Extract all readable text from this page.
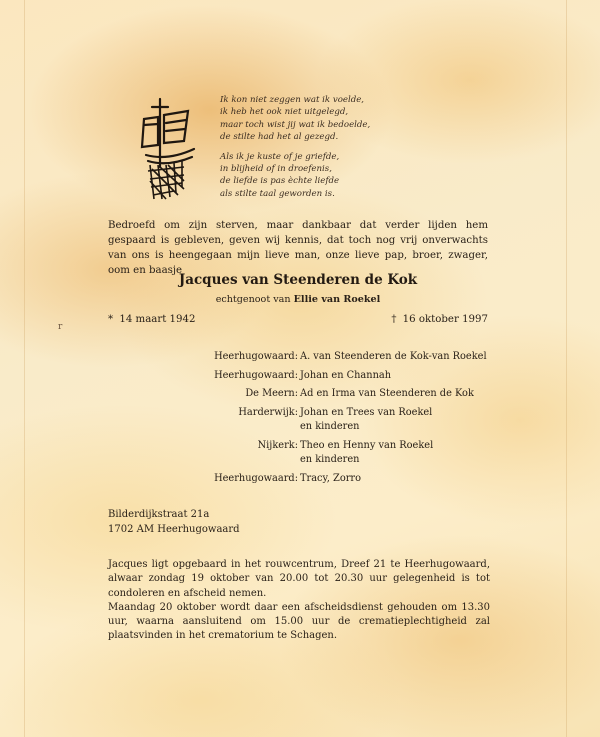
Ik kon niet zeggen wat ik voelde,
ik heb het ook niet uitgelegd,
maar toch wist jij wat ik bedoelde,
de stilte had het al gezegd.
Als ik je kuste of je griefde,
in blijheid of in droefenis,
de liefde is pas èchte liefde
als stilte taal geworden is.
Bedroefd om zijn sterven, maar dankbaar dat verder lijden hem gespaard is gebleven, geven wij kennis, dat toch nog vrij onverwachts van ons is heengegaan mijn lieve man, onze lieve pap, broer, zwager, oom en baasje
Jacques van Steenderen de Kok
echtgenoot van Ellie van Roekel
r
* 14 maart 1942	† 16 oktober 1997
Heerhugowaard: A. van Steenderen de Kok-van Roekel
Heerhugowaard: Johan en Channah
De Meern: Ad en Irma van Steenderen de Kok
Harderwijk: Johan en Trees van Roekel
en kinderen
Nijkerk: Theo en Henny van Roekel
en kinderen
Heerhugowaard: Tracy, Zorro
Bilderdijkstraat 21a
1702 AM Heerhugowaard

Jacques ligt opgebaard in het rouwcentrum, Dreef 21 te Heerhugowaard, alwaar zondag 19 oktober van 20.00 tot 20.30 uur gelegenheid is tot condoleren en afscheid nemen.

Maandag 20 oktober wordt daar een afscheidsdienst gehouden om 13.30 uur, waarna aansluitend om 15.00 uur de crematieplechtigheid zal plaatsvinden in het crematorium te Schagen.
